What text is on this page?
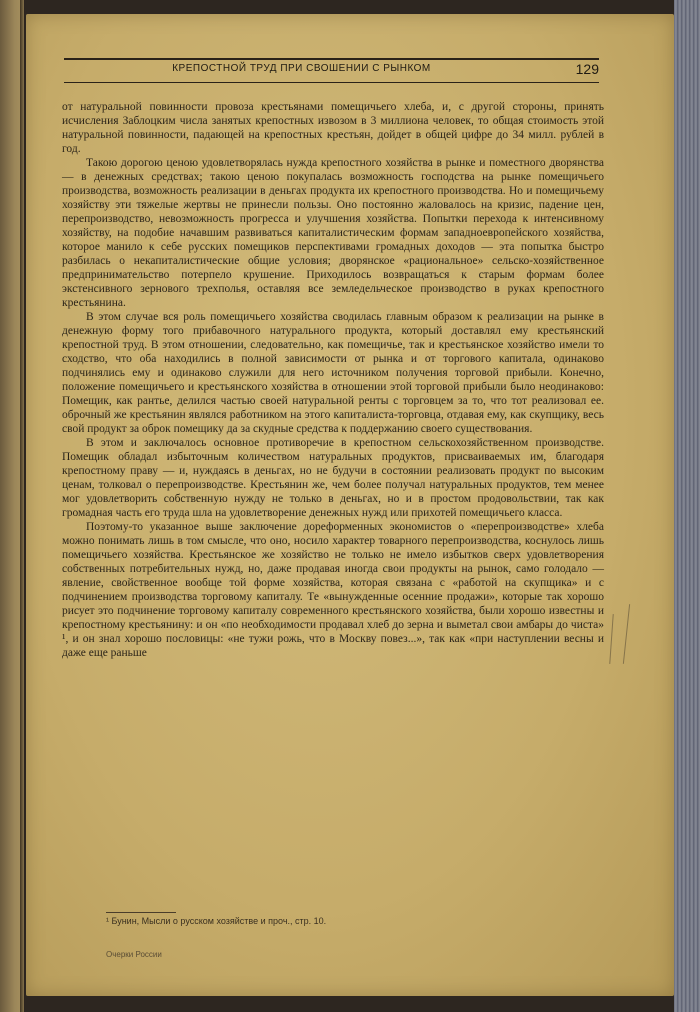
КРЕПОСТНОЙ ТРУД ПРИ СВОШЕНИИ С РЫНКОМ	129

от натуральной повинности провоза крестьянами помещичьего хлеба, и, с другой стороны, принять исчисления Заблоцким числа занятых крепостных извозом в 3 миллиона человек, то общая стоимость этой натуральной повинности, падающей на крепостных крестьян, дойдет в общей цифре до 34 милл. рублей в год.

Такою дорогою ценою удовлетворялась нужда крепостного хозяйства в рынке и поместного дворянства — в денежных средствах; такою ценою покупалась возможность господства на рынке помещичьего производства, возможность реализации в деньгах продукта их крепостного производства. Но и помещичьему хозяйству эти тяжелые жертвы не принесли пользы. Оно постоянно жаловалось на кризис, падение цен, перепроизводство, невозможность прогресса и улучшения хозяйства. Попытки перехода к интенсивному хозяйству, на подобие начавшим развиваться капиталистическим формам западноевропейского хозяйства, которое манило к себе русских помещиков перспективами громадных доходов — эта попытка быстро разбилась о некапиталистические общие условия; дворянское «рациональное» сельско-хозяйственное предпринимательство потерпело крушение. Приходилось возвращаться к старым формам более экстенсивного зернового трехполья, оставляя все земледельческое производство в руках крепостного крестьянина.

В этом случае вся роль помещичьего хозяйства сводилась главным образом к реализации на рынке в денежную форму того прибавочного натурального продукта, который доставлял ему крестьянский крепостной труд. В этом отношении, следовательно, как помещичье, так и крестьянское хозяйство имели то сходство, что оба находились в полной зависимости от рынка и от торгового капитала, одинаково подчинялись ему и одинаково служили для него источником получения торговой прибыли. Конечно, положение помещичьего и крестьянского хозяйства в отношении этой торговой прибыли было неодинаково: Помещик, как рантье, делился частью своей натуральной ренты с торговцем за то, что тот реализовал ее. оброчный же крестьянин являлся работником на этого капиталиста-торговца, отдавая ему, как скупщику, весь свой продукт за оброк помещику да за скудные средства к поддержанию своего существования.

В этом и заключалось основное противоречие в крепостном сельскохозяйственном производстве. Помещик обладал избыточным количеством натуральных продуктов, присваиваемых им, благодаря крепостному праву — и, нуждаясь в деньгах, но не будучи в состоянии реализовать продукт по высоким ценам, толковал о перепроизводстве. Крестьянин же, чем более получал натуральных продуктов, тем менее мог удовлетворить собственную нужду не только в деньгах, но и в простом продовольствии, так как громадная часть его труда шла на удовлетворение денежных нужд или прихотей помещичьего класса.

Поэтому-то указанное выше заключение дореформенных экономистов о «перепроизводстве» хлеба можно понимать лишь в том смысле, что оно, носило характер товарного перепроизводства, коснулось лишь помещичьего хозяйства. Крестьянское же хозяйство не только не имело избытков сверх удовлетворения собственных потребительных нужд, но, даже продавая иногда свои продукты на рынок, само голодало — явление, свойственное вообще той форме хозяйства, которая связана с «работой на скупщика» и с подчинением производства торговому капиталу. Те «вынужденные осенние продажи», которые так хорошо рисует это подчинение торговому капиталу современного крестьянского хозяйства, были хорошо известны и крепостному крестьянину: и он «по необходимости продавал хлеб до зерна и выметал свои амбары до чиста» ¹, и он знал хорошо пословицы: «не тужи рожь, что в Москву повез...», так как «при наступлении весны и даже еще раньше

¹ Бунин, Мысли о русском хозяйстве и проч., стр. 10.
Очерки России
